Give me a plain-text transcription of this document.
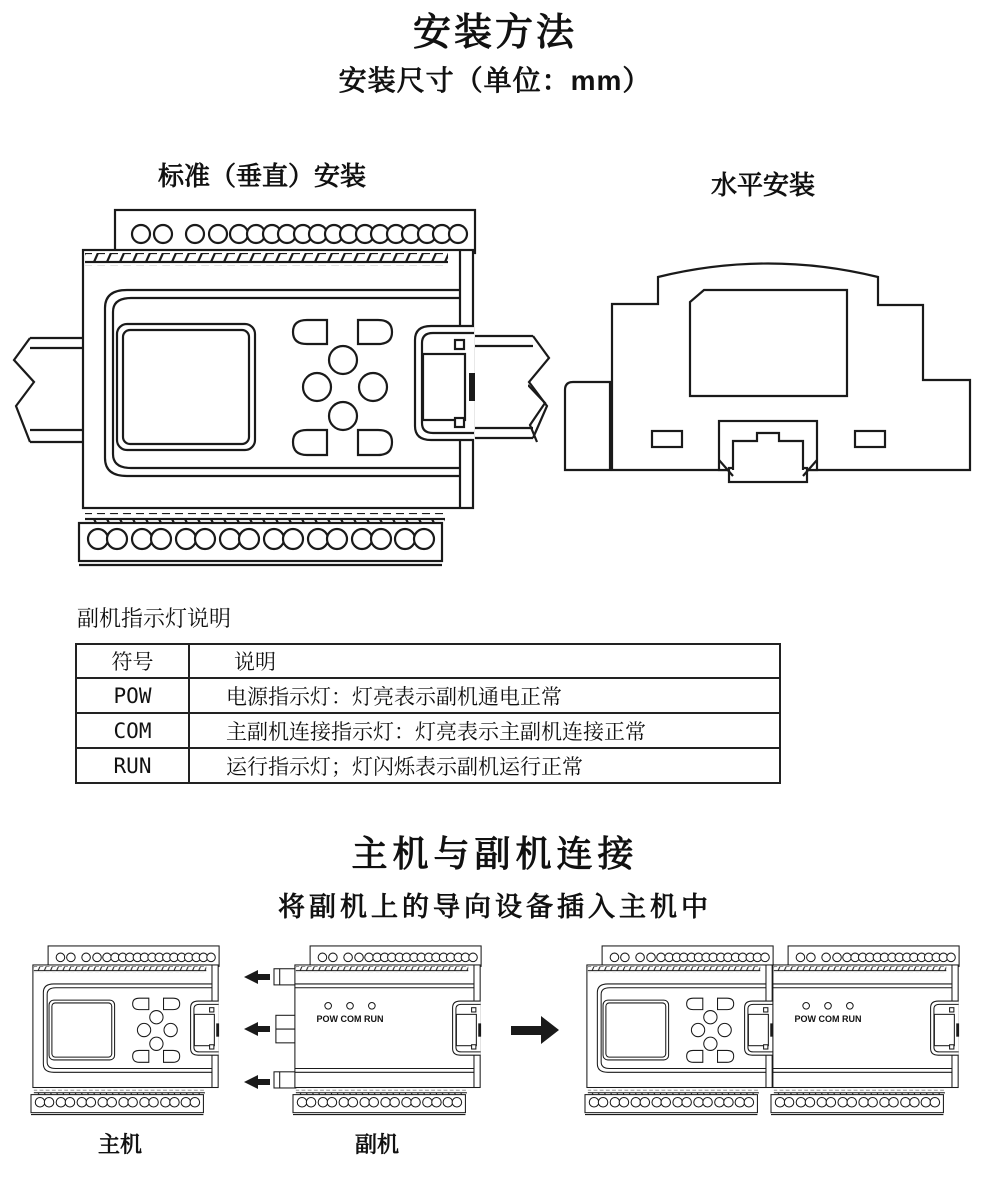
安装方法
安装尺寸（单位：mm）
标准（垂直）安装	水平安装
副机指示灯说明
符号	说明
POW	电源指示灯：灯亮表示副机通电正常
COM	主副机连接指示灯：灯亮表示主副机连接正常
RUN	运行指示灯；灯闪烁表示副机运行正常
主机与副机连接
将副机上的导向设备插入主机中
主机	副机
